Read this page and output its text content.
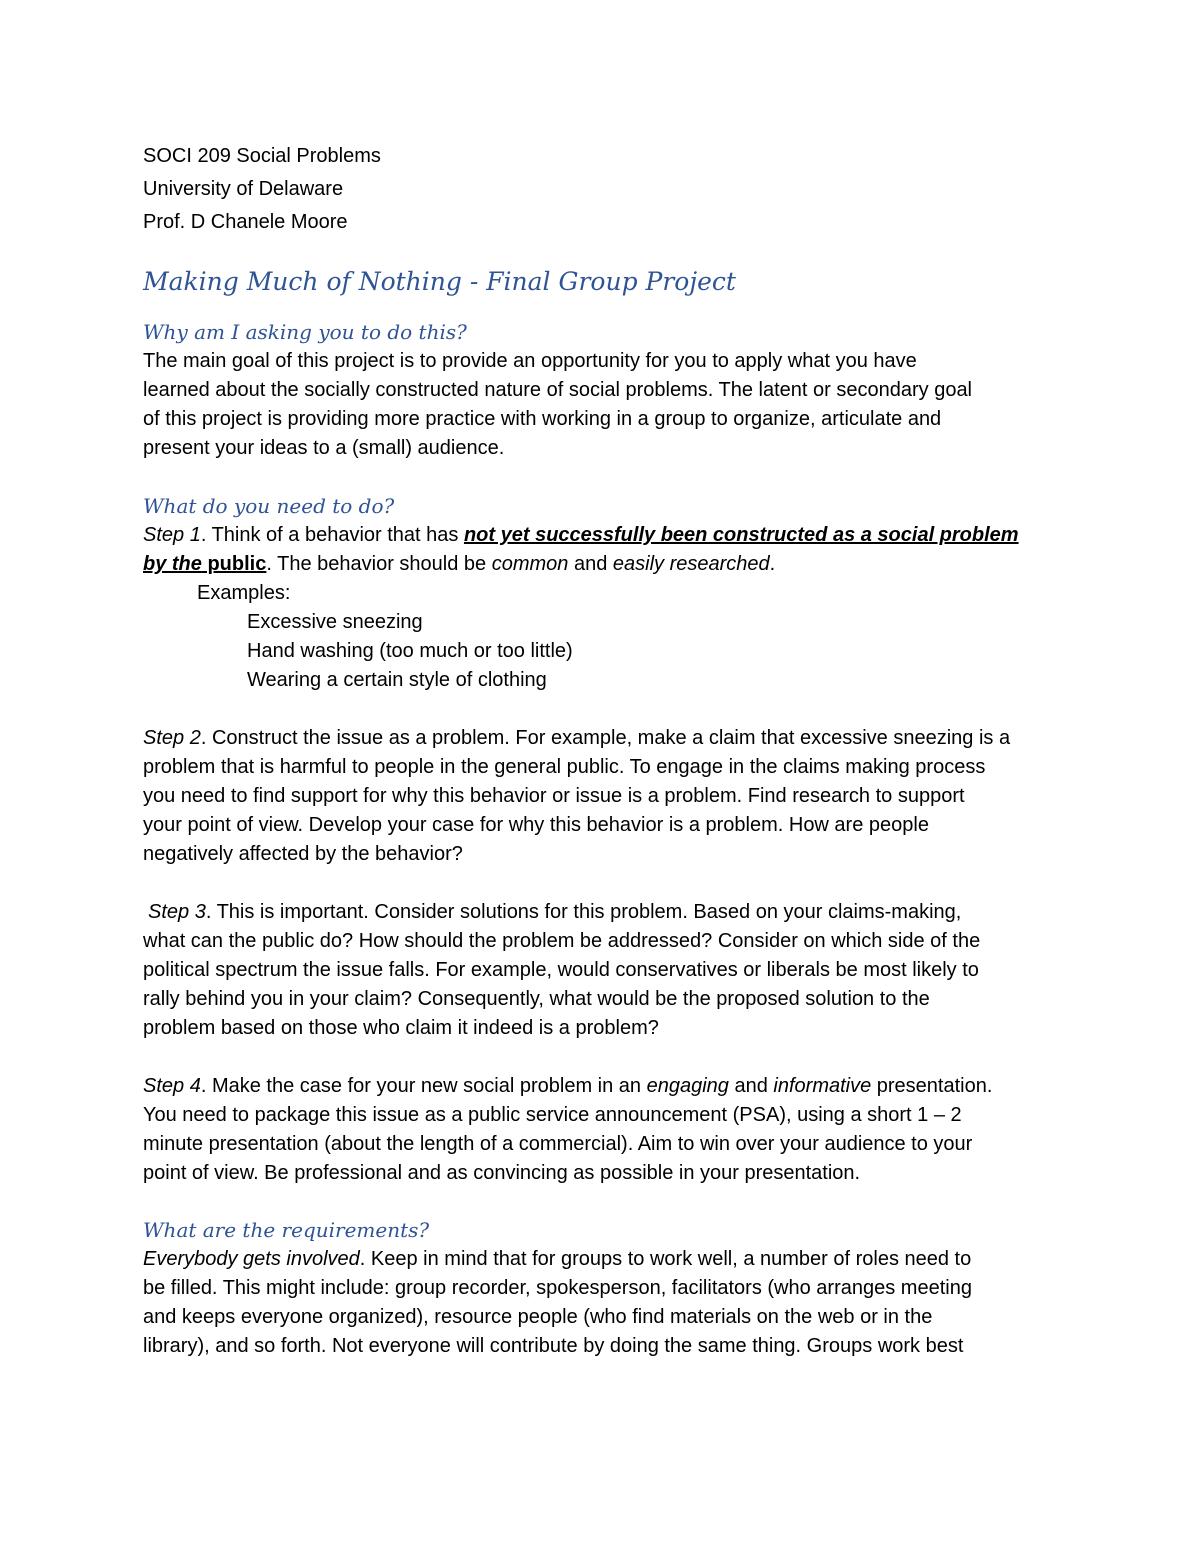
SOCI 209 Social Problems
University of Delaware
Prof. D Chanele Moore
Making Much of Nothing - Final Group Project
Why am I asking you to do this?
The main goal of this project is to provide an opportunity for you to apply what you have
learned about the socially constructed nature of social problems. The latent or secondary goal
of this project is providing more practice with working in a group to organize, articulate and
present your ideas to a (small) audience.
What do you need to do?
Step 1. Think of a behavior that has not yet successfully been constructed as a social problem
by the public. The behavior should be common and easily researched.
Examples:
Excessive sneezing
Hand washing (too much or too little)
Wearing a certain style of clothing
Step 2. Construct the issue as a problem. For example, make a claim that excessive sneezing is a
problem that is harmful to people in the general public. To engage in the claims making process
you need to find support for why this behavior or issue is a problem. Find research to support
your point of view. Develop your case for why this behavior is a problem. How are people
negatively affected by the behavior?
Step 3. This is important. Consider solutions for this problem. Based on your claims-making,
what can the public do? How should the problem be addressed? Consider on which side of the
political spectrum the issue falls. For example, would conservatives or liberals be most likely to
rally behind you in your claim? Consequently, what would be the proposed solution to the
problem based on those who claim it indeed is a problem?
Step 4. Make the case for your new social problem in an engaging and informative presentation.
You need to package this issue as a public service announcement (PSA), using a short 1 – 2
minute presentation (about the length of a commercial). Aim to win over your audience to your
point of view. Be professional and as convincing as possible in your presentation.
What are the requirements?
Everybody gets involved. Keep in mind that for groups to work well, a number of roles need to
be filled. This might include: group recorder, spokesperson, facilitators (who arranges meeting
and keeps everyone organized), resource people (who find materials on the web or in the
library), and so forth. Not everyone will contribute by doing the same thing. Groups work best
